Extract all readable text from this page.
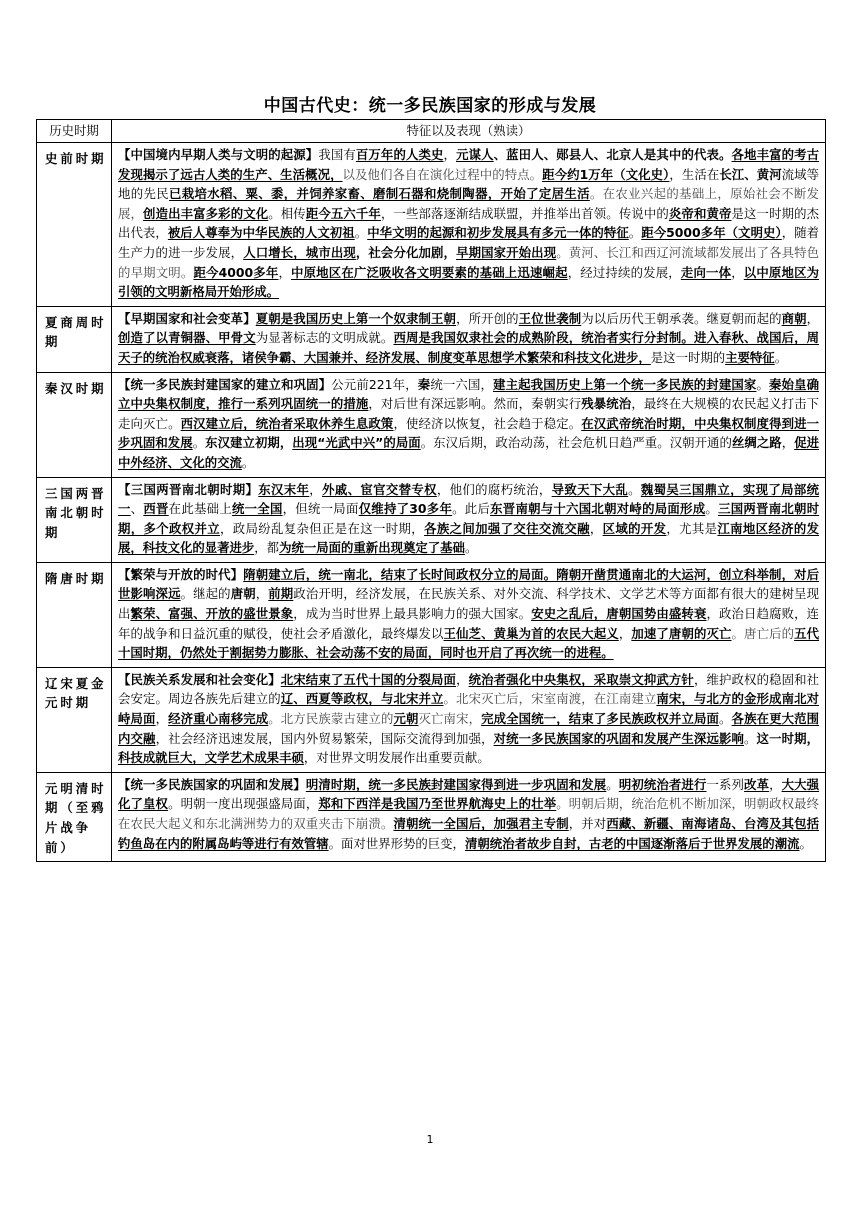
中国古代史：统一多民族国家的形成与发展
历史时期	特征以及表现（熟读）
史前时期	【中国境内早期人类与文明的起源】我国有百万年的人类史，元谋人、蓝田人、郧县人、北京人是其中的代表。各地丰富的考古发现揭示了远古人类的生产、生活概况，以及他们各自在演化过程中的特点。距今约1万年（文化史），生活在长江、黄河流域等地的先民已栽培水稻、粟、黍，并饲养家畜、磨制石器和烧制陶器，开始了定居生活。在农业兴起的基础上，原始社会不断发展，创造出丰富多彩的文化。相传距今五六千年，一些部落逐渐结成联盟，并推举出首领。传说中的炎帝和黄帝是这一时期的杰出代表，被后人尊奉为中华民族的人文初祖。中华文明的起源和初步发展具有多元一体的特征。距今5000多年（文明史），随着生产力的进一步发展，人口增长，城市出现，社会分化加剧，早期国家开始出现。黄河、长江和西辽河流域都发展出了各具特色的早期文明。距今4000多年，中原地区在广泛吸收各文明要素的基础上迅速崛起，经过持续的发展，走向一体，以中原地区为引领的文明新格局开始形成。
夏商周时期	【早期国家和社会变革】夏朝是我国历史上第一个奴隶制王朝，所开创的王位世袭制为以后历代王朝承袭。继夏朝而起的商朝，创造了以青铜器、甲骨文为显著标志的文明成就。西周是我国奴隶社会的成熟阶段，统治者实行分封制。进入春秋、战国后，周天子的统治权威衰落，诸侯争霸、大国兼并、经济发展、制度变革思想学术繁荣和科技文化进步，是这一时期的主要特征。
秦汉时期	【统一多民族封建国家的建立和巩固】公元前221年，秦统一六国，建主起我国历史上第一个统一多民族的封建国家。秦始皇确立中央集权制度，推行一系列巩固统一的措施，对后世有深远影响。然而，秦朝实行残暴统治，最终在大规模的农民起义打击下走向灭亡。西汉建立后，统治者采取休养生息政策，使经济以恢复，社会趋于稳定。在汉武帝统治时期，中央集权制度得到进一步巩固和发展。东汉建立初期，出现“光武中兴”的局面。东汉后期，政治动荡，社会危机日趋严重。汉朝开通的丝绸之路，促进中外经济、文化的交流。
三国两晋南北朝时期	【三国两晋南北朝时期】东汉末年，外戚、宦官交替专权，他们的腐朽统治，导致天下大乱。魏蜀吴三国鼎立，实现了局部统一、西晋在此基础上统一全国，但统一局面仅维持了30多年。此后东晋南朝与十六国北朝对峙的局面形成。三国两晋南北朝时期，多个政权并立，政局纷乱复杂但正是在这一时期，各族之间加强了交往交流交融，区域的开发，尤其是江南地区经济的发展，科技文化的显著进步，都为统一局面的重新出现奠定了基础。
隋唐时期	【繁荣与开放的时代】隋朝建立后，统一南北，结束了长时间政权分立的局面。隋朝开凿贯通南北的大运河，创立科举制，对后世影响深远。继起的唐朝，前期政治开明，经济发展，在民族关系、对外交流、科学技术、文学艺术等方面都有很大的建树呈现出繁荣、富强、开放的盛世景象，成为当时世界上最具影响力的强大国家。安史之乱后，唐朝国势由盛转衰，政治日趋腐败，连年的战争和日益沉重的赋役，使社会矛盾激化，最终爆发以王仙芝、黄巢为首的农民大起义，加速了唐朝的灭亡。唐亡后的五代十国时期，仍然处于割据势力膨胀、社会动荡不安的局面，同时也开启了再次统一的进程。
辽宋夏金元时期	【民族关系发展和社会变化】北宋结束了五代十国的分裂局面，统治者强化中央集权，采取崇文抑武方针，维护政权的稳固和社会安定。周边各族先后建立的辽、西夏等政权，与北宋并立。北宋灭亡后，宋室南渡，在江南建立南宋，与北方的金形成南北对峙局面，经济重心南移完成。北方民族蒙古建立的元朝灭亡南宋，完成全国统一，结束了多民族政权并立局面。各族在更大范围内交融，社会经济迅速发展，国内外贸易繁荣，国际交流得到加强，对统一多民族国家的巩固和发展产生深远影响。这一时期，科技成就巨大，文学艺术成果丰硕，对世界文明发展作出重要贡献。
元明清时期（至鸦片战争前）	【统一多民族国家的巩固和发展】明清时期，统一多民族封建国家得到进一步巩固和发展。明初统治者进行一系列改革，大大强化了皇权。明朝一度出现强盛局面，郑和下西洋是我国乃至世界航海史上的壮举。明朝后期，统治危机不断加深，明朝政权最终在农民大起义和东北满洲势力的双重夹击下崩溃。清朝统一全国后，加强君主专制，并对西藏、新疆、南海诸岛、台湾及其包括钓鱼岛在内的附属岛屿等进行有效管辖。面对世界形势的巨变，清朝统治者故步自封，古老的中国逐渐落后于世界发展的潮流。
1
